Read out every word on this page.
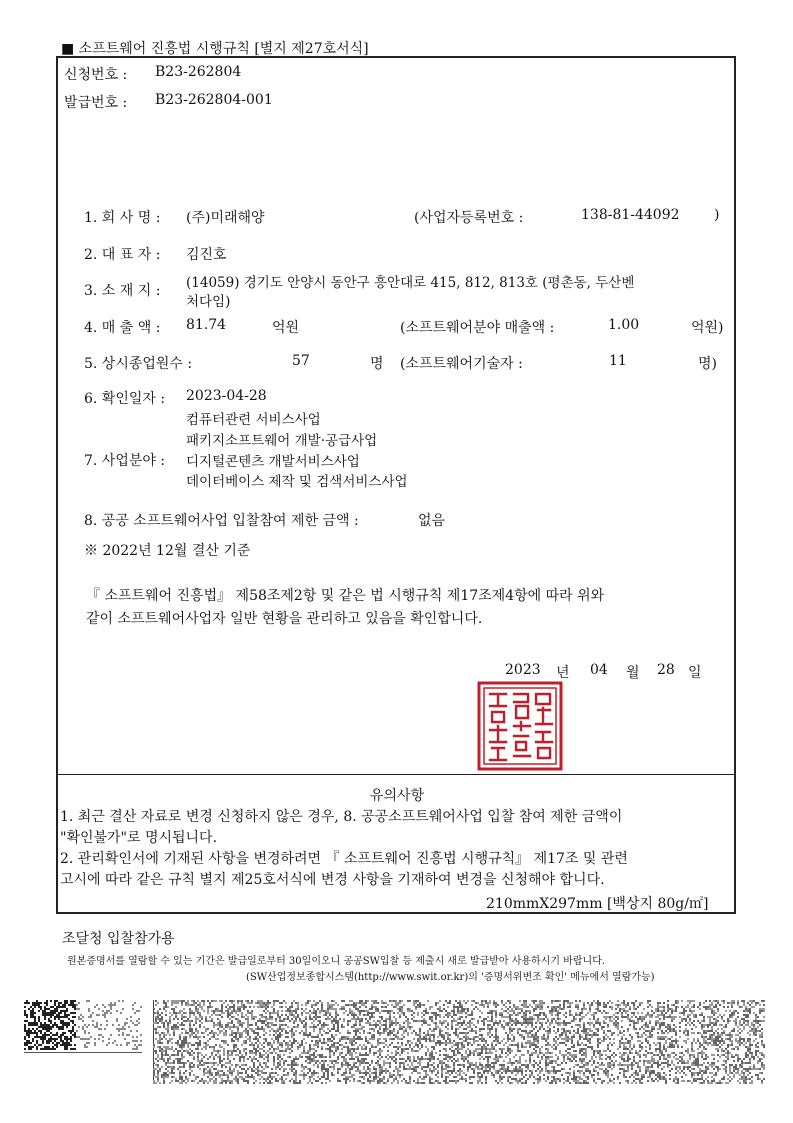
■ 소프트웨어 진흥법 시행규칙 [별지 제27호서식]
신청번호 : B23-262804
발급번호 : B23-262804-001
1. 회 사 명 : (주)미래해양	(사업자등록번호 :	138-81-44092 )
2. 대 표 자 : 김진호
3. 소 재 지 : (14059) 경기도 안양시 동안구 흥안대로 415, 812, 813호 (평촌동, 두산벤
처다임)
4. 매 출 액 : 81.74	억원	(소프트웨어분야 매출액 :	1.00	억원)
5. 상시종업원수 :	57	명 (소프트웨어기술자 :	11	명)
6. 확인일자 : 2023-04-28
컴퓨터관련 서비스사업
패키지소프트웨어 개발·공급사업
7. 사업분야 : 디지털콘텐츠 개발서비스사업
데이터베이스 제작 및 검색서비스사업
8. 공공 소프트웨어사업 입찰참여 제한 금액 :	없음
※ 2022년 12월 결산 기준
『 소프트웨어 진흥법』 제58조제2항 및 같은 법 시행규칙 제17조제4항에 따라 위와
같이 소프트웨어사업자 일반 현황을 관리하고 있음을 확인합니다.
2023 년 04 월 28 일
유의사항
1. 최근 결산 자료로 변경 신청하지 않은 경우, 8. 공공소프트웨어사업 입찰 참여 제한 금액이
"확인불가"로 명시됩니다.
2. 관리확인서에 기재된 사항을 변경하려면 『 소프트웨어 진흥법 시행규칙』 제17조 및 관련
고시에 따라 같은 규칙 별지 제25호서식에 변경 사항을 기재하여 변경을 신청해야 합니다.
210mmX297mm [백상지 80g/㎡]
조달청 입찰참가용
원본증명서를 열람할 수 있는 기간은 발급일로부터 30일이오니 공공SW입찰 등 제출시 새로 발급받아 사용하시기 바랍니다.
(SW산업정보종합시스템(http://www.swit.or.kr)의 '증명서위변조 확인' 메뉴에서 열람가능)
